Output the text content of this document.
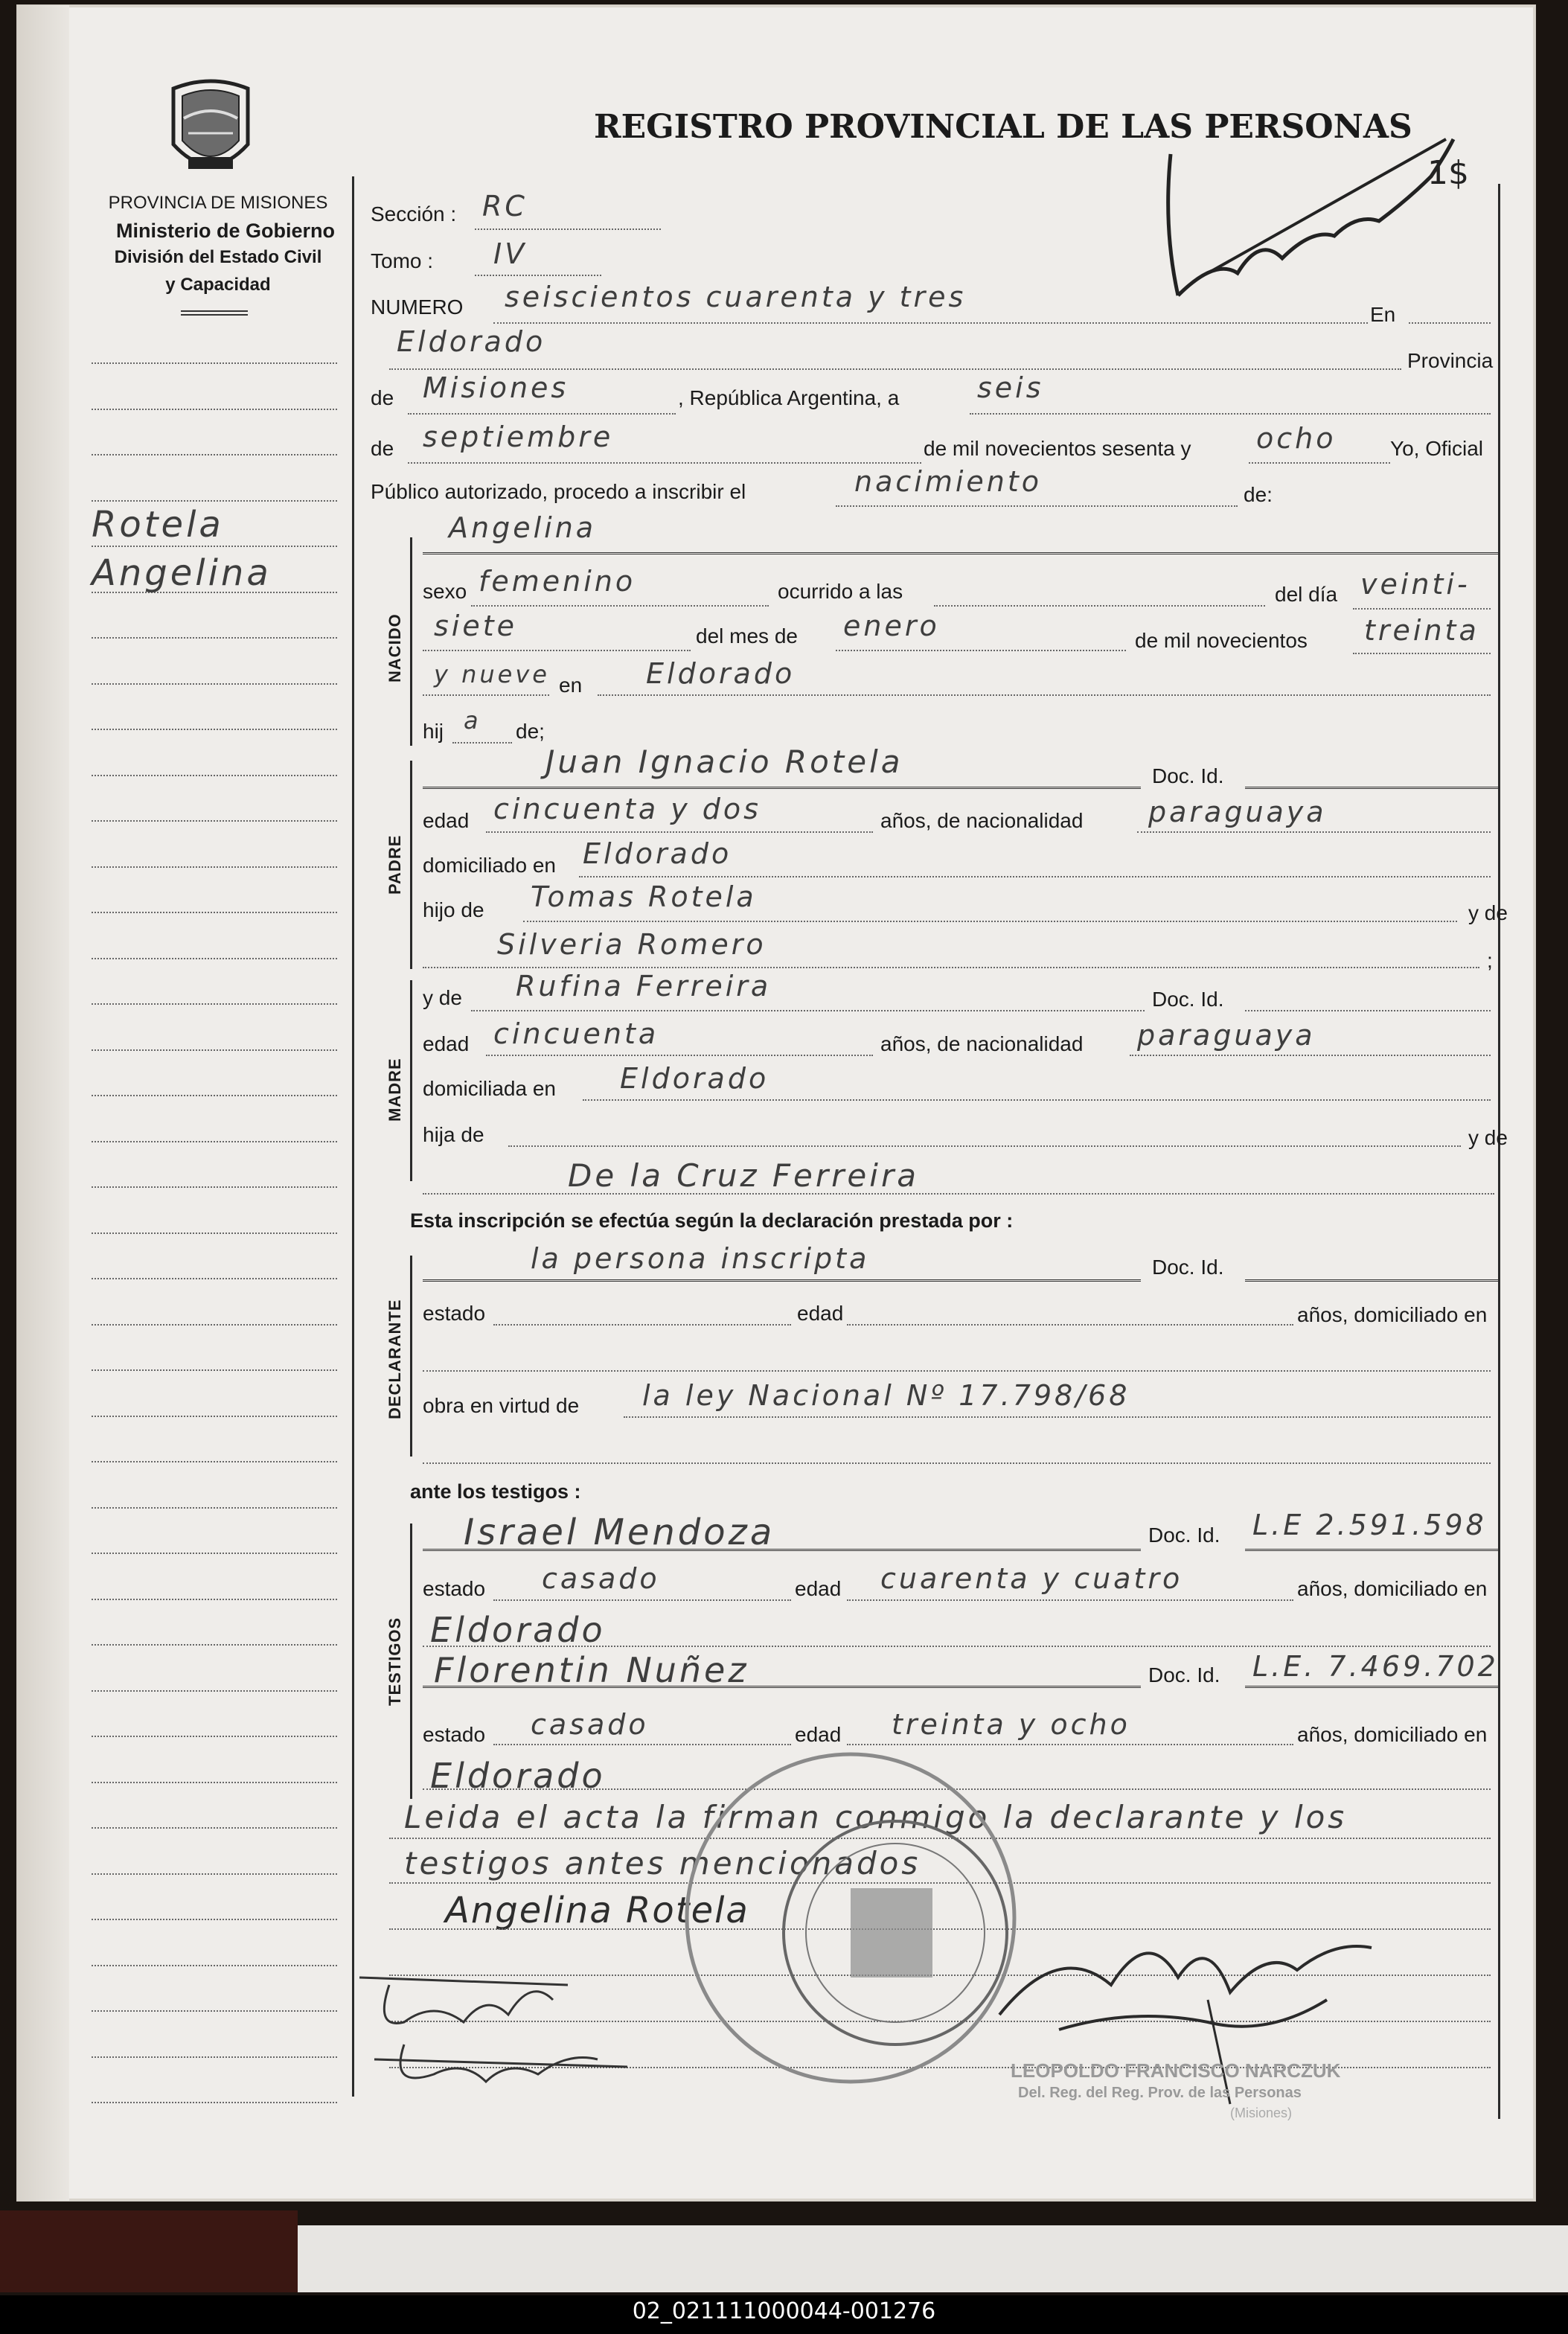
REGISTRO PROVINCIAL DE LAS PERSONAS
PROVINCIA DE MISIONES
Ministerio de Gobierno
División del Estado Civil
y Capacidad
1$
Rotela
Angelina
Sección : RC
Tomo : IV
NUMERO seiscientos cuarenta y tres
En
Eldorado
Provincia
de Misiones	, República Argentina, a	seis
de septiembre	de mil novecientos sesenta y ocho	Yo, Oficial
Público autorizado, procedo a inscribir el	nacimiento	de:
NACIDO
Angelina
sexo femenino	ocurrido a las	del día veinti-
siete	del mes de enero	de mil novecientos treinta
y nueve en Eldorado
hij a de;
PADRE
Juan Ignacio Rotela	Doc. Id.
edad cincuenta y dos	años, de nacionalidad paraguaya
domiciliado en Eldorado
hijo de Tomas Rotela	y de
Silveria Romero	;
MADRE
y de Rufina Ferreira	Doc. Id.
edad cincuenta	años, de nacionalidad paraguaya
domiciliada en Eldorado
hija de	y de
De la Cruz Ferreira
Esta inscripción se efectúa según la declaración prestada por :
DECLARANTE
la persona inscripta	Doc. Id.
estado	edad	años, domiciliado en
obra en virtud de la ley Nacional Nº 17.798/68
ante los testigos :
TESTIGOS
Israel Mendoza	Doc. Id. L.E 2.591.598
estado casado	edad cuarenta y cuatro	años, domiciliado en
Eldorado
Florentin Nuñez	Doc. Id. L.E. 7.469.702
estado casado	edad treinta y ocho	años, domiciliado en
Eldorado
Leida el acta la firman conmigo la declarante y los
testigos antes mencionados
Angelina Rotela
LEOPOLDO FRANCISCO NARCZUK
Del. Reg. del Reg. Prov. de las Personas
(Misiones)
02_021111000044-001276
